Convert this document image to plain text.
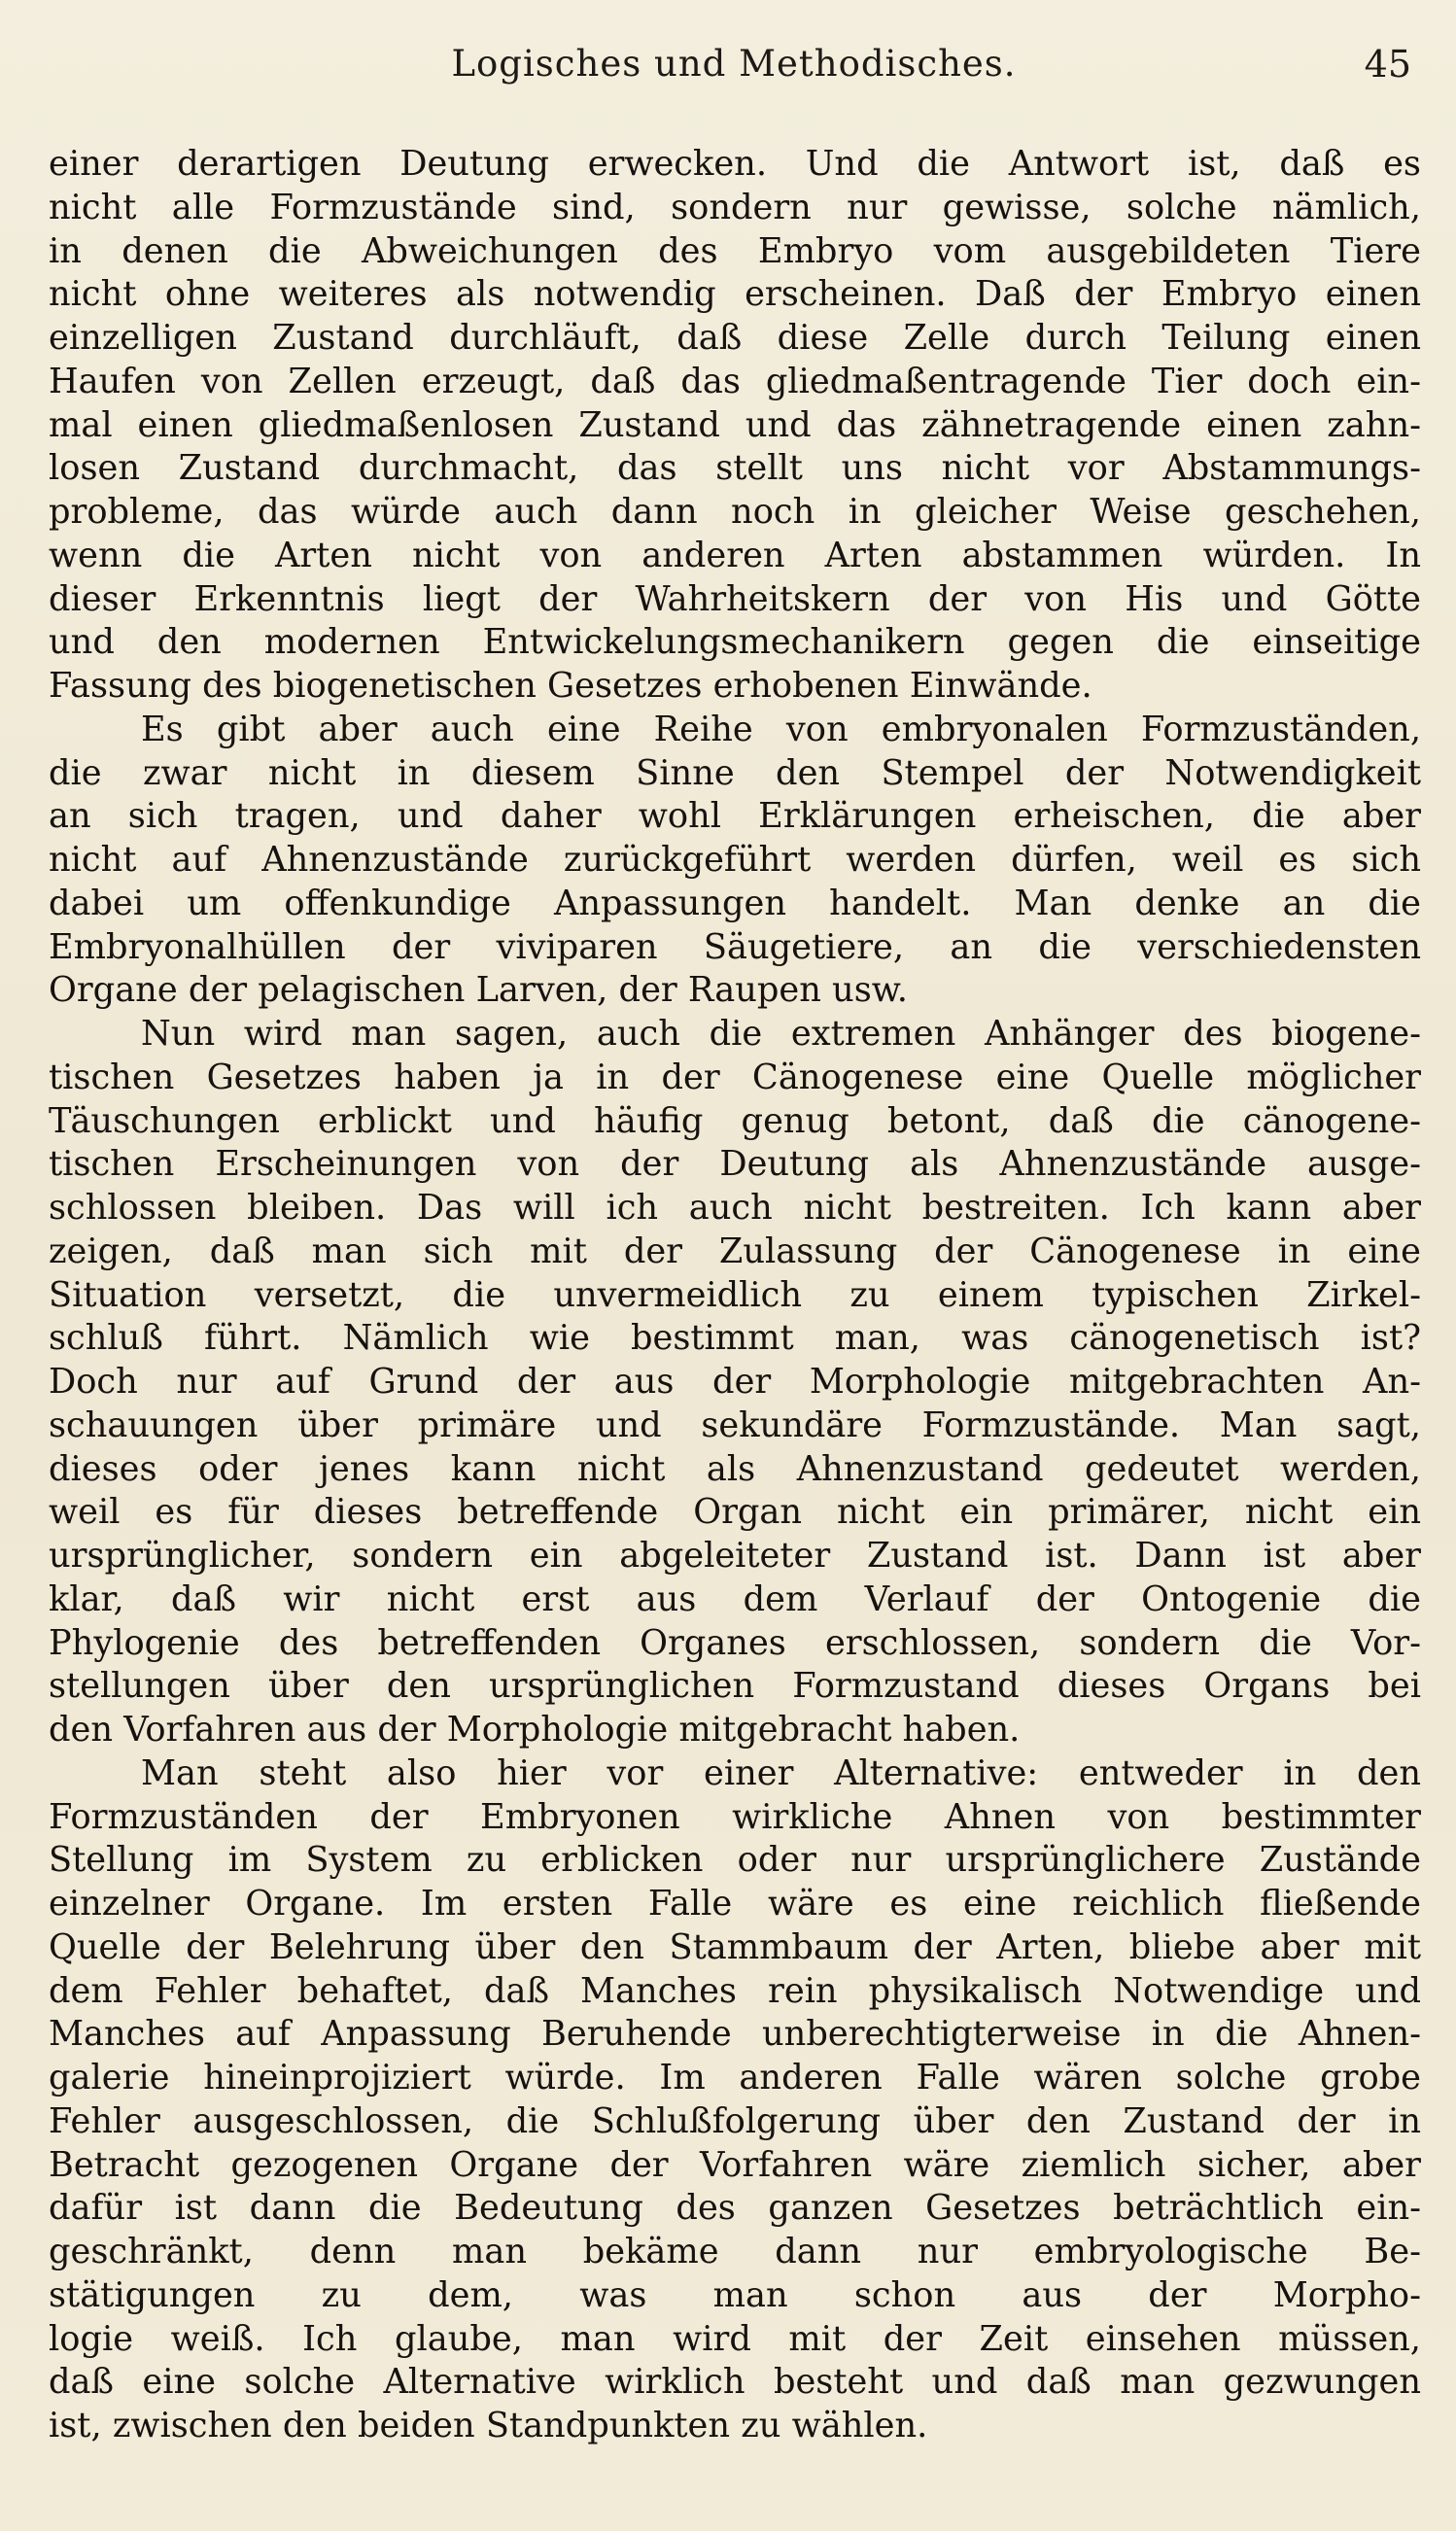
Logisches und Methodisches.	45
einer derartigen Deutung erwecken. Und die Antwort ist, daß es
nicht alle Formzustände sind, sondern nur gewisse, solche nämlich,
in denen die Abweichungen des Embryo vom ausgebildeten Tiere
nicht ohne weiteres als notwendig erscheinen. Daß der Embryo einen
einzelligen Zustand durchläuft, daß diese Zelle durch Teilung einen
Haufen von Zellen erzeugt, daß das gliedmaßentragende Tier doch ein-
mal einen gliedmaßenlosen Zustand und das zähnetragende einen zahn-
losen Zustand durchmacht, das stellt uns nicht vor Abstammungs-
probleme, das würde auch dann noch in gleicher Weise geschehen,
wenn die Arten nicht von anderen Arten abstammen würden. In
dieser Erkenntnis liegt der Wahrheitskern der von His und Götte
und den modernen Entwickelungsmechanikern gegen die einseitige
Fassung des biogenetischen Gesetzes erhobenen Einwände.
Es gibt aber auch eine Reihe von embryonalen Formzuständen,
die zwar nicht in diesem Sinne den Stempel der Notwendigkeit
an sich tragen, und daher wohl Erklärungen erheischen, die aber
nicht auf Ahnenzustände zurückgeführt werden dürfen, weil es sich
dabei um offenkundige Anpassungen handelt. Man denke an die
Embryonalhüllen der viviparen Säugetiere, an die verschiedensten
Organe der pelagischen Larven, der Raupen usw.
Nun wird man sagen, auch die extremen Anhänger des biogene-
tischen Gesetzes haben ja in der Cänogenese eine Quelle möglicher
Täuschungen erblickt und häufig genug betont, daß die cänogene-
tischen Erscheinungen von der Deutung als Ahnenzustände ausge-
schlossen bleiben. Das will ich auch nicht bestreiten. Ich kann aber
zeigen, daß man sich mit der Zulassung der Cänogenese in eine
Situation versetzt, die unvermeidlich zu einem typischen Zirkel-
schluß führt. Nämlich wie bestimmt man, was cänogenetisch ist?
Doch nur auf Grund der aus der Morphologie mitgebrachten An-
schauungen über primäre und sekundäre Formzustände. Man sagt,
dieses oder jenes kann nicht als Ahnenzustand gedeutet werden,
weil es für dieses betreffende Organ nicht ein primärer, nicht ein
ursprünglicher, sondern ein abgeleiteter Zustand ist. Dann ist aber
klar, daß wir nicht erst aus dem Verlauf der Ontogenie die
Phylogenie des betreffenden Organes erschlossen, sondern die Vor-
stellungen über den ursprünglichen Formzustand dieses Organs bei
den Vorfahren aus der Morphologie mitgebracht haben.
Man steht also hier vor einer Alternative: entweder in den
Formzuständen der Embryonen wirkliche Ahnen von bestimmter
Stellung im System zu erblicken oder nur ursprünglichere Zustände
einzelner Organe. Im ersten Falle wäre es eine reichlich fließende
Quelle der Belehrung über den Stammbaum der Arten, bliebe aber mit
dem Fehler behaftet, daß Manches rein physikalisch Notwendige und
Manches auf Anpassung Beruhende unberechtigterweise in die Ahnen-
galerie hineinprojiziert würde. Im anderen Falle wären solche grobe
Fehler ausgeschlossen, die Schlußfolgerung über den Zustand der in
Betracht gezogenen Organe der Vorfahren wäre ziemlich sicher, aber
dafür ist dann die Bedeutung des ganzen Gesetzes beträchtlich ein-
geschränkt, denn man bekäme dann nur embryologische Be-
stätigungen zu dem, was man schon aus der Morpho-
logie weiß. Ich glaube, man wird mit der Zeit einsehen müssen,
daß eine solche Alternative wirklich besteht und daß man gezwungen
ist, zwischen den beiden Standpunkten zu wählen.
